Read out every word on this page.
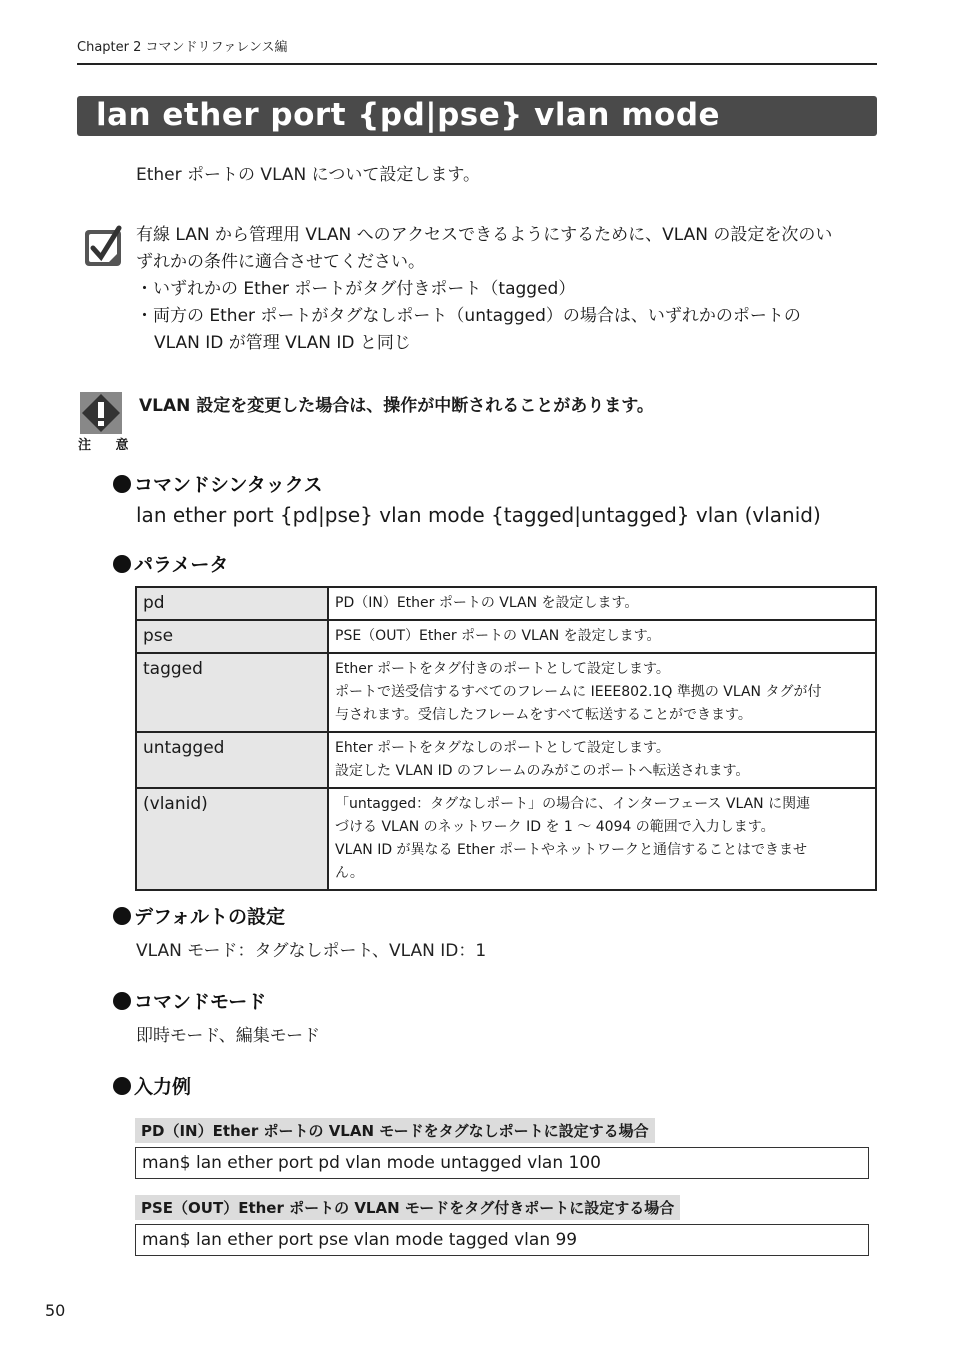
Chapter 2 コマンドリファレンス編
lan ether port {pd|pse} vlan mode
Ether ポートの VLAN について設定します。
有線 LAN から管理用 VLAN へのアクセスできるようにするために、VLAN の設定を次のい
ずれかの条件に適合させてください。
・いずれかの Ether ポートがタグ付きポート（tagged）
・両方の Ether ポートがタグなしポート（untagged）の場合は、いずれかのポートの
VLAN ID が管理 VLAN ID と同じ
注 意
VLAN 設定を変更した場合は、操作が中断されることがあります。
コマンドシンタックス
lan ether port {pd|pse} vlan mode {tagged|untagged} vlan (vlanid)
パラメータ
pd	PD（IN）Ether ポートの VLAN を設定します。

pse	PSE（OUT）Ether ポートの VLAN を設定します。

tagged	Ether ポートをタグ付きのポートとして設定します。
ポートで送受信するすべてのフレームに IEEE802.1Q 準拠の VLAN タグが付
与されます。受信したフレームをすべて転送することができます。

untagged	Ehter ポートをタグなしのポートとして設定します。
設定した VLAN ID のフレームのみがこのポートへ転送されます。

(vlanid)	「untagged：タグなしポート」の場合に、インターフェース VLAN に関連
づける VLAN のネットワーク ID を 1 ～ 4094 の範囲で入力します。
VLAN ID が異なる Ether ポートやネットワークと通信することはできませ
ん。
デフォルトの設定
VLAN モード：タグなしポート、VLAN ID：1
コマンドモード
即時モード、編集モード
入力例
PD（IN）Ether ポートの VLAN モードをタグなしポートに設定する場合
man$ lan ether port pd vlan mode untagged vlan 100
PSE（OUT）Ether ポートの VLAN モードをタグ付きポートに設定する場合
man$ lan ether port pse vlan mode tagged vlan 99
50
